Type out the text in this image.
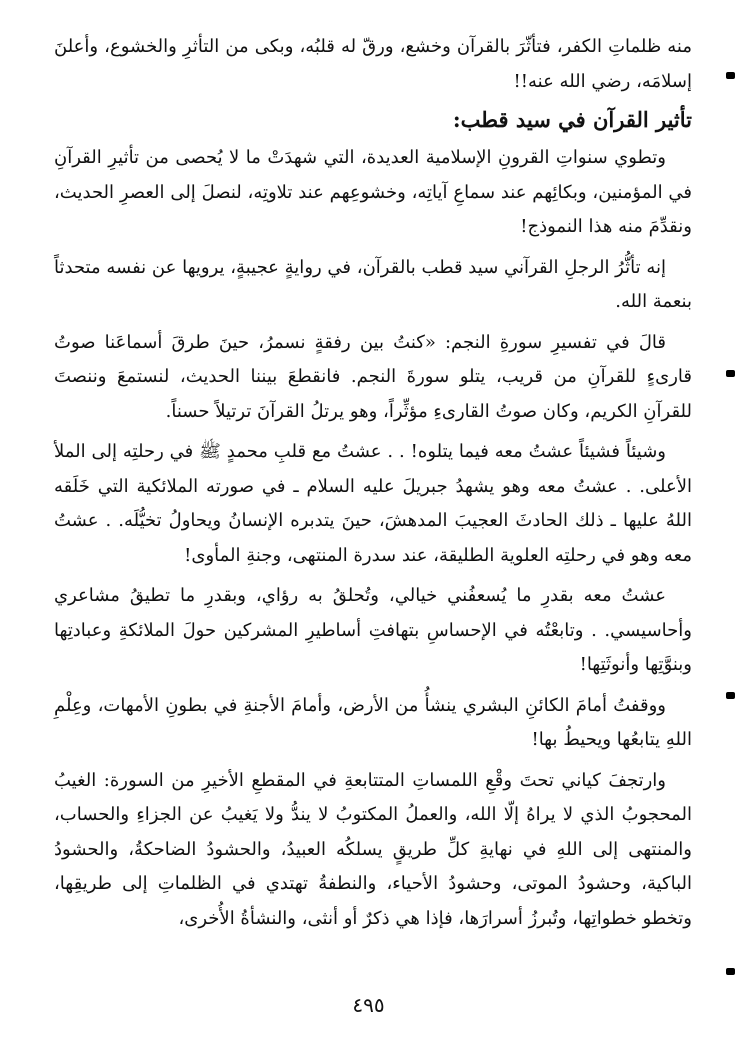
منه ظلماتِ الكفر، فتأثّرَ بالقرآن وخشع، ورقّ له قلبُه، وبكى من التأثرِ والخشوع، وأعلنَ إسلامَه، رضي الله عنه!!

تأثير القرآن في سيد قطب:

وتطوي سنواتِ القرونِ الإسلامية العديدة، التي شهدَتْ ما لا يُحصى من تأثيرِ القرآنِ في المؤمنين، وبكائِهم عند سماعِ آياتِه، وخشوعِهم عند تلاوتِه، لنصلَ إلى العصرِ الحديث، ونقدِّمَ منه هذا النموذج!

إنه تأثُّرُ الرجلِ القرآني سيد قطب بالقرآن، في روايةٍ عجيبةٍ، يرويها عن نفسه متحدثاً بنعمة الله.

قالَ في تفسيرِ سورةِ النجم: «كنتُ بين رفقةٍ نسمرُ، حينَ طرقَ أسماعَنا صوتُ قارىءٍ للقرآنِ من قريب، يتلو سورةَ النجم. فانقطعَ بيننا الحديث، لنستمعَ وننصتَ للقرآنِ الكريم، وكان صوتُ القارىءِ مؤثِّراً، وهو يرتلُ القرآنَ ترتيلاً حسناً.

وشيئاً فشيئاً عشتُ معه فيما يتلوه! . . عشتُ مع قلبِ محمدٍ ﷺ في رحلتِه إلى الملأ الأعلى. . عشتُ معه وهو يشهدُ جبريلَ عليه السلام ـ في صورته الملائكية التي خَلَقه اللهُ عليها ـ ذلك الحادثَ العجيبَ المدهشَ، حينَ يتدبره الإنسانُ ويحاولُ تخيُّلَه. . عشتُ معه وهو في رحلتِه العلوية الطليقة، عند سدرة المنتهى، وجنةِ المأوى!

عشتُ معه بقدرِ ما يُسعفُني خيالي، وتُحلقُ به رؤاي، وبقدرِ ما تطيقُ مشاعري وأحاسيسي. . وتابعْتُه في الإحساسِ بتهافتِ أساطيرِ المشركين حولَ الملائكةِ وعبادتِها وبنوَّتِها وأنوثَتِها!

ووقفتُ أمامَ الكائنِ البشري ينشأُ من الأرض، وأمامَ الأجنةِ في بطونِ الأمهات، وعِلْمِ اللهِ يتابعُها ويحيطُ بها!

وارتجفَ كياني تحتَ وقْعِ اللمساتِ المتتابعةِ في المقطعِ الأخيرِ من السورة: الغيبُ المحجوبُ الذي لا يراهُ إلّا الله، والعملُ المكتوبُ لا يندُّ ولا يَغيبُ عن الجزاءِ والحساب، والمنتهى إلى اللهِ في نهايةِ كلِّ طريقٍ يسلكُه العبيدُ، والحشودُ الضاحكةُ، والحشودُ الباكية، وحشودُ الموتى، وحشودُ الأحياء، والنطفةُ تهتدي في الظلماتِ إلى طريقِها، وتخطو خطواتِها، وتُبرزُ أسرارَها، فإذا هي ذكرٌ أو أنثى، والنشأةُ الأُخرى،

٤٩٥
